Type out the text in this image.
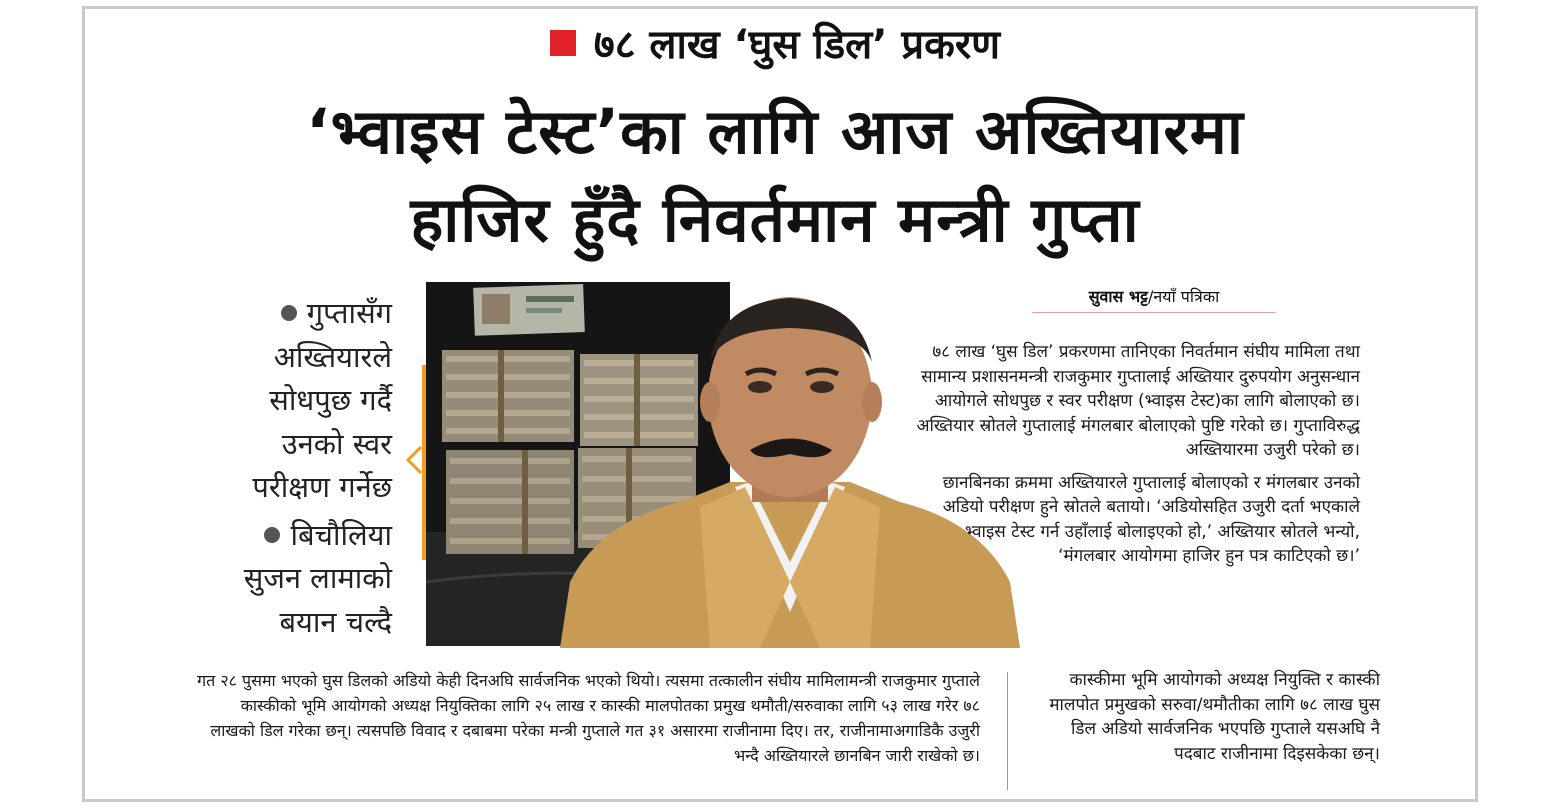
७८ लाख ‘घुस डिल’ प्रकरण
‘भ्वाइस टेस्ट’का लागि आज अख्तियारमा
हाजिर हुँदै निवर्तमान मन्त्री गुप्ता

गुप्तासँग
अख्तियारले
सोधपुछ गर्दै
उनको स्वर
परीक्षण गर्नेछ

बिचौलिया
सुजन लामाको
बयान चल्दै

सुवास भट्ट/नयाँ पत्रिका

७८ लाख ‘घुस डिल’ प्रकरणमा तानिएका निवर्तमान संघीय मामिला तथा सामान्य प्रशासनमन्त्री राजकुमार गुप्तालाई अख्तियार दुरुपयोग अनुसन्धान आयोगले सोधपुछ र स्वर परीक्षण (भ्वाइस टेस्ट)का लागि बोलाएको छ। अख्तियार स्रोतले गुप्तालाई मंगलबार बोलाएको पुष्टि गरेको छ। गुप्ताविरुद्ध अख्तियारमा उजुरी परेको छ।

छानबिनका क्रममा अख्तियारले गुप्तालाई बोलाएको र मंगलबार उनको अडियो परीक्षण हुने स्रोतले बतायो। ‘अडियोसहित उजुरी दर्ता भएकाले भ्वाइस टेस्ट गर्न उहाँलाई बोलाइएको हो,’ अख्तियार स्रोतले भन्यो, ‘मंगलबार आयोगमा हाजिर हुन पत्र काटिएको छ।’

गत २८ पुसमा भएको घुस डिलको अडियो केही दिनअघि सार्वजनिक भएको थियो। त्यसमा तत्कालीन संघीय मामिलामन्त्री राजकुमार गुप्ताले कास्कीको भूमि आयोगको अध्यक्ष नियुक्तिका लागि २५ लाख र कास्की मालपोतका प्रमुख थमौती/सरुवाका लागि ५३ लाख गरेर ७८ लाखको डिल गरेका छन्। त्यसपछि विवाद र दबाबमा परेका मन्त्री गुप्ताले गत ३१ असारमा राजीनामा दिए। तर, राजीनामाअगाडिकै उजुरी भन्दै अख्तियारले छानबिन जारी राखेको छ।
कास्कीमा भूमि आयोगको अध्यक्ष नियुक्ति र कास्की मालपोत प्रमुखको सरुवा/थमौतीका लागि ७८ लाख घुस डिल अडियो सार्वजनिक भएपछि गुप्ताले यसअघि नै पदबाट राजीनामा दिइसकेका छन्।
